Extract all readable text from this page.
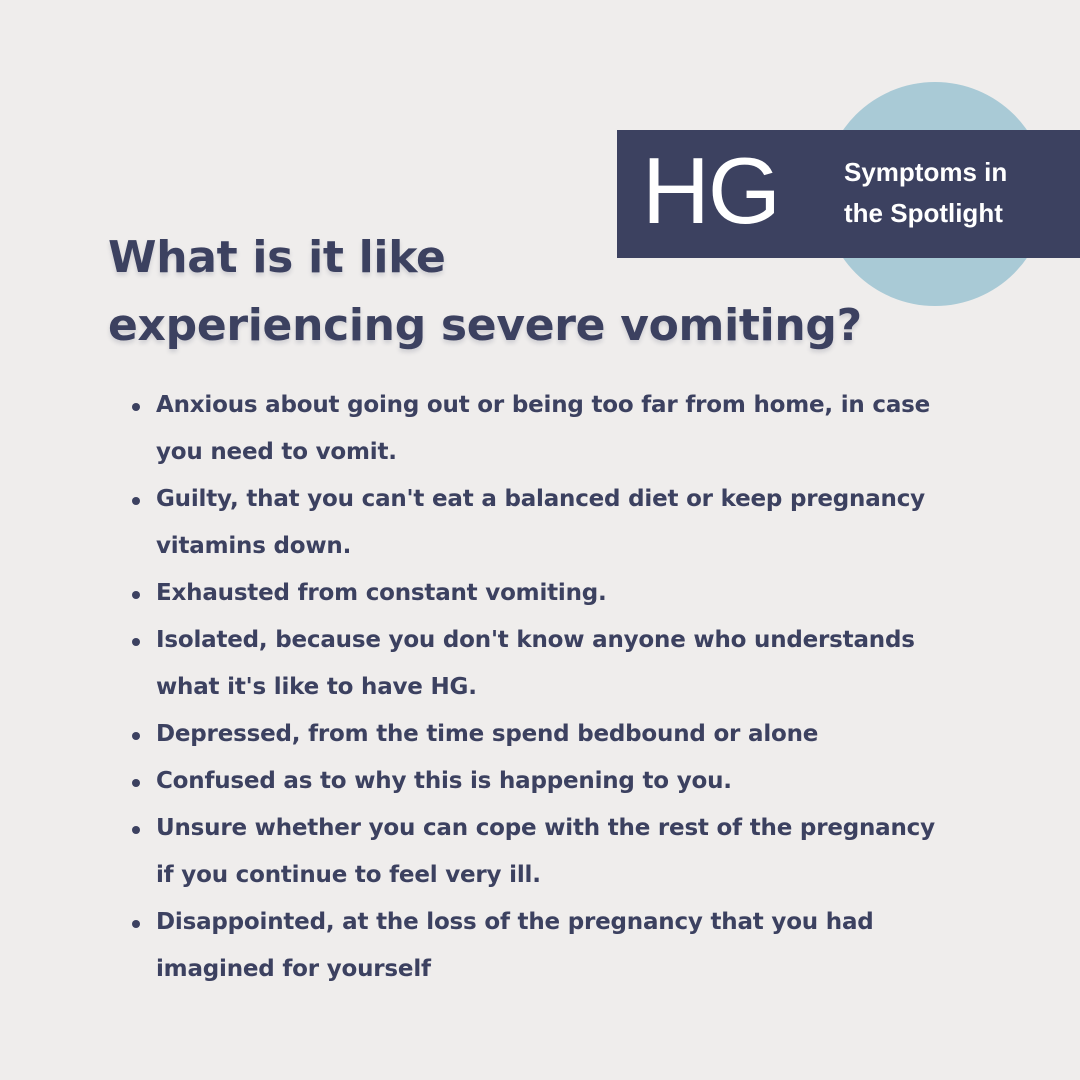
HG	Symptoms in
the Spotlight
What is it like
experiencing severe vomiting?
Anxious about going out or being too far from home, in case
you need to vomit.
Guilty, that you can't eat a balanced diet or keep pregnancy
vitamins down.
Exhausted from constant vomiting.
Isolated, because you don't know anyone who understands
what it's like to have HG.
Depressed, from the time spend bedbound or alone
Confused as to why this is happening to you.
Unsure whether you can cope with the rest of the pregnancy
if you continue to feel very ill.
Disappointed, at the loss of the pregnancy that you had
imagined for yourself
